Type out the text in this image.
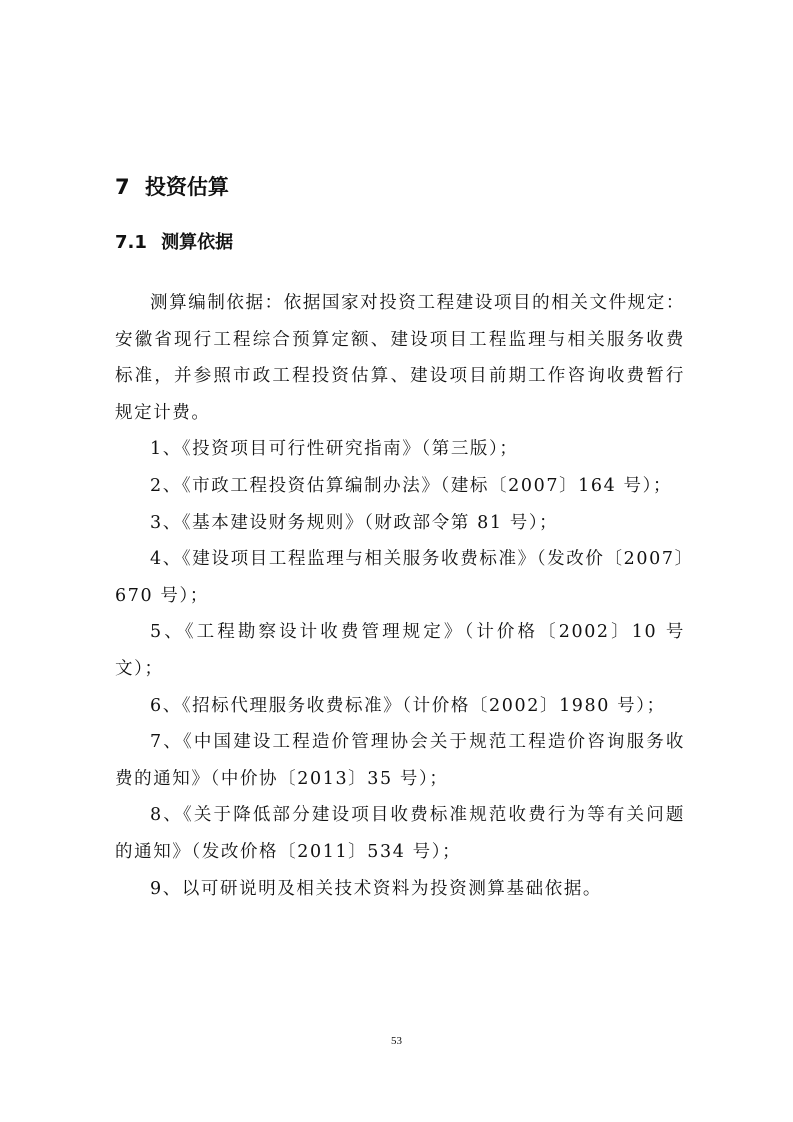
7 投资估算
7.1 测算依据

测算编制依据：依据国家对投资工程建设项目的相关文件规定：安徽省现行工程综合预算定额、建设项目工程监理与相关服务收费标准，并参照市政工程投资估算、建设项目前期工作咨询收费暂行规定计费。

1、《投资项目可行性研究指南》（第三版）；

2、《市政工程投资估算编制办法》（建标〔2007〕164 号）；

3、《基本建设财务规则》（财政部令第 81 号）；

4、《建设项目工程监理与相关服务收费标准》（发改价〔2007〕670 号）；

5、《工程勘察设计收费管理规定》（计价格〔2002〕10 号文）；

6、《招标代理服务收费标准》（计价格〔2002〕1980 号）；

7、《中国建设工程造价管理协会关于规范工程造价咨询服务收费的通知》（中价协〔2013〕35 号）；

8、《关于降低部分建设项目收费标准规范收费行为等有关问题的通知》（发改价格〔2011〕534 号）；

9、以可研说明及相关技术资料为投资测算基础依据。

53
